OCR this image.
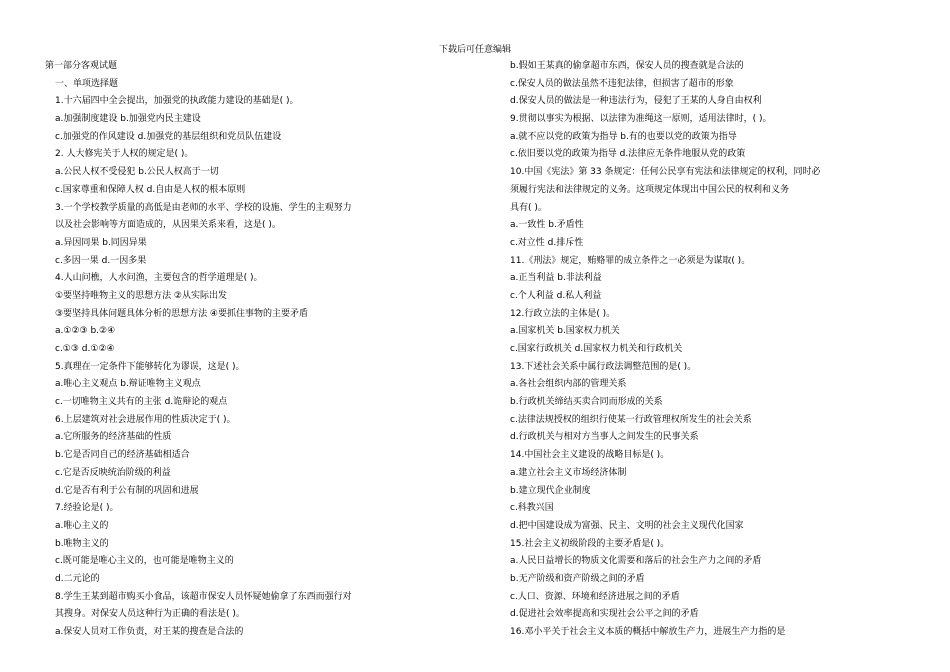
下载后可任意编辑
第一部分客观试题
一、单项选择题
1.十六届四中全会提出，加强党的执政能力建设的基础是( )。
a.加强制度建设 b.加强党内民主建设
c.加强党的作风建设 d.加强党的基层组织和党员队伍建设
2. 人大修宪关于人权的规定是( )。
a.公民人权不受侵犯 b.公民人权高于一切
c.国家尊重和保障人权 d.自由是人权的根本原则
3.一个学校教学质量的高低是由老师的水平、学校的设施、学生的主观努力
以及社会影响等方面造成的，从因果关系来看，这是( )。
a.异因同果 b.同因异果
c.多因一果 d.一因多果
4.人山问樵，人水问渔，主要包含的哲学道理是( )。
①要坚持唯物主义的思想方法 ②从实际出发
③要坚持具体问题具体分析的思想方法 ④要抓住事物的主要矛盾
a.①②③ b.②④
c.①③ d.①②④
5.真理在一定条件下能够转化为谬误，这是( )。
a.唯心主义观点 b.辩证唯物主义观点
c.一切唯物主义共有的主张 d.诡辩论的观点
6.上层建筑对社会进展作用的性质决定于( )。
a.它所服务的经济基础的性质
b.它是否同自己的经济基础相适合
c.它是否反映统治阶级的利益
d.它是否有利于公有制的巩固和进展
7.经验论是( )。
a.唯心主义的
b.唯物主义的
c.既可能是唯心主义的，也可能是唯物主义的
d.二元论的
8.学生王某到超市购买小食品，该超市保安人员怀疑她偷拿了东西而强行对
其搜身。对保安人员这种行为正确的看法是( )。
a.保安人员对工作负责，对王某的搜查是合法的
b.假如王某真的偷拿超市东西，保安人员的搜查就是合法的
c.保安人员的做法虽然不违犯法律，但损害了超市的形象
d.保安人员的做法是一种违法行为，侵犯了王某的人身自由权利
9.贯彻以事实为根据、以法律为准绳这一原则，适用法律时，( )。
a.就不应以党的政策为指导 b.有的也要以党的政策为指导
c.依旧要以党的政策为指导 d.法律应无条件地服从党的政策
10.中国《宪法》第 33 条规定：任何公民享有宪法和法律规定的权利，同时必
须履行宪法和法律规定的义务。这项规定体现出中国公民的权利和义务
具有( )。
a.一致性 b.矛盾性
c.对立性 d.排斥性
11.《刑法》规定，贿赂罪的成立条件之一必须是为谋取( )。
a.正当利益 b.非法利益
c.个人利益 d.私人利益
12.行政立法的主体是( )。
a.国家机关 b.国家权力机关
c.国家行政机关 d.国家权力机关和行政机关
13.下述社会关系中属行政法调整范围的是( )。
a.各社会组织内部的管理关系
b.行政机关缔结买卖合同而形成的关系
c.法律法规授权的组织行使某一行政管理权所发生的社会关系
d.行政机关与相对方当事人之间发生的民事关系
14.中国社会主义建设的战略目标是( )。
a.建立社会主义市场经济体制
b.建立现代企业制度
c.科教兴国
d.把中国建设成为富强、民主、文明的社会主义现代化国家
15.社会主义初级阶段的主要矛盾是( )。
a.人民日益增长的物质文化需要和落后的社会生产力之间的矛盾
b.无产阶级和资产阶级之间的矛盾
c.人口、资源、环境和经济进展之间的矛盾
d.促进社会效率提高和实现社会公平之间的矛盾
16.邓小平关于社会主义本质的概括中解放生产力，进展生产力指的是
